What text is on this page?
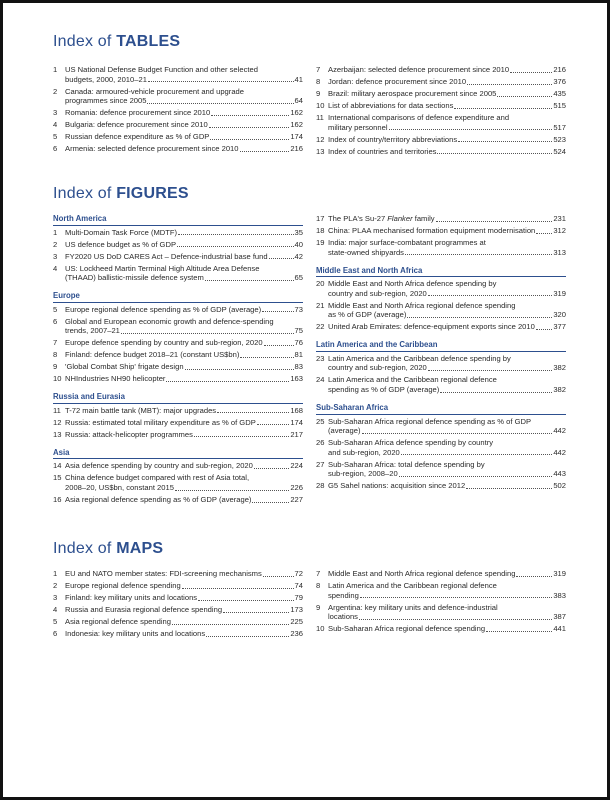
Index of TABLES
1	US National Defense Budget Function and other selected
budgets, 2000, 2010–21	41
2	Canada: armoured-vehicle procurement and upgrade
programmes since 2005	64
3	Romania: defence procurement since 2010	162
4	Bulgaria: defence procurement since 2010	162
5	Russian defence expenditure as % of GDP	174
6	Armenia: selected defence procurement since 2010	216
7	Azerbaijan: selected defence procurement since 2010	216
8	Jordan: defence procurement since 2010	376
9	Brazil: military aerospace procurement since 2005	435
10 List of abbreviations for data sections	515
11 International comparisons of defence expenditure and
military personnel	517
12 Index of country/territory abbreviations	523
13 Index of countries and territories	524
Index of FIGURES
North America
1	Multi-Domain Task Force (MDTF)	35
2	US defence budget as % of GDP	40
3	FY2020 US DoD CARES Act – Defence-industrial base fund	42
4	US: Lockheed Martin Terminal High Altitude Area Defense
(THAAD) ballistic-missile defence system	65
Europe
5	Europe regional defence spending as % of GDP (average)	73
6	Global and European economic growth and defence-spending
trends, 2007–21	75
7	Europe defence spending by country and sub-region, 2020	76
8	Finland: defence budget 2018–21 (constant US$bn)	81
9	'Global Combat Ship' frigate design	83
10 NHIndustries NH90 helicopter	163
Russia and Eurasia
11 T-72 main battle tank (MBT): major upgrades	168
12 Russia: estimated total military expenditure as % of GDP	174
13 Russia: attack-helicopter programmes	217
Asia
14 Asia defence spending by country and sub-region, 2020	224
15 China defence budget compared with rest of Asia total,
2008–20, US$bn, constant 2015	226
16 Asia regional defence spending as % of GDP (average)	227
17 The PLA's Su-27 Flanker family	231
18 China: PLAA mechanised formation equipment modernisation 312
19 India: major surface-combatant programmes at
state-owned shipyards	313
Middle East and North Africa
20 Middle East and North Africa defence spending by
country and sub-region, 2020	319
21 Middle East and North Africa regional defence spending
as % of GDP (average)	320
22 United Arab Emirates: defence-equipment exports since 2010 377
Latin America and the Caribbean
23 Latin America and the Caribbean defence spending by
country and sub-region, 2020	382
24 Latin America and the Caribbean regional defence
spending as % of GDP (average)	382
Sub-Saharan Africa
25 Sub-Saharan Africa regional defence spending as % of GDP
(average)	442
26 Sub-Saharan Africa defence spending by country
and sub-region, 2020	442
27 Sub-Saharan Africa: total defence spending by
sub-region, 2008–20	443
28 G5 Sahel nations: acquisition since 2012	502
Index of MAPS
1	EU and NATO member states: FDI-screening mechanisms	72
2	Europe regional defence spending	74
3	Finland: key military units and locations	79
4	Russia and Eurasia regional defence spending	173
5	Asia regional defence spending	225
6	Indonesia: key military units and locations	236
7	Middle East and North Africa regional defence spending	319
8	Latin America and the Caribbean regional defence
spending	383
9	Argentina: key military units and defence-industrial
locations	387
10 Sub-Saharan Africa regional defence spending	441
